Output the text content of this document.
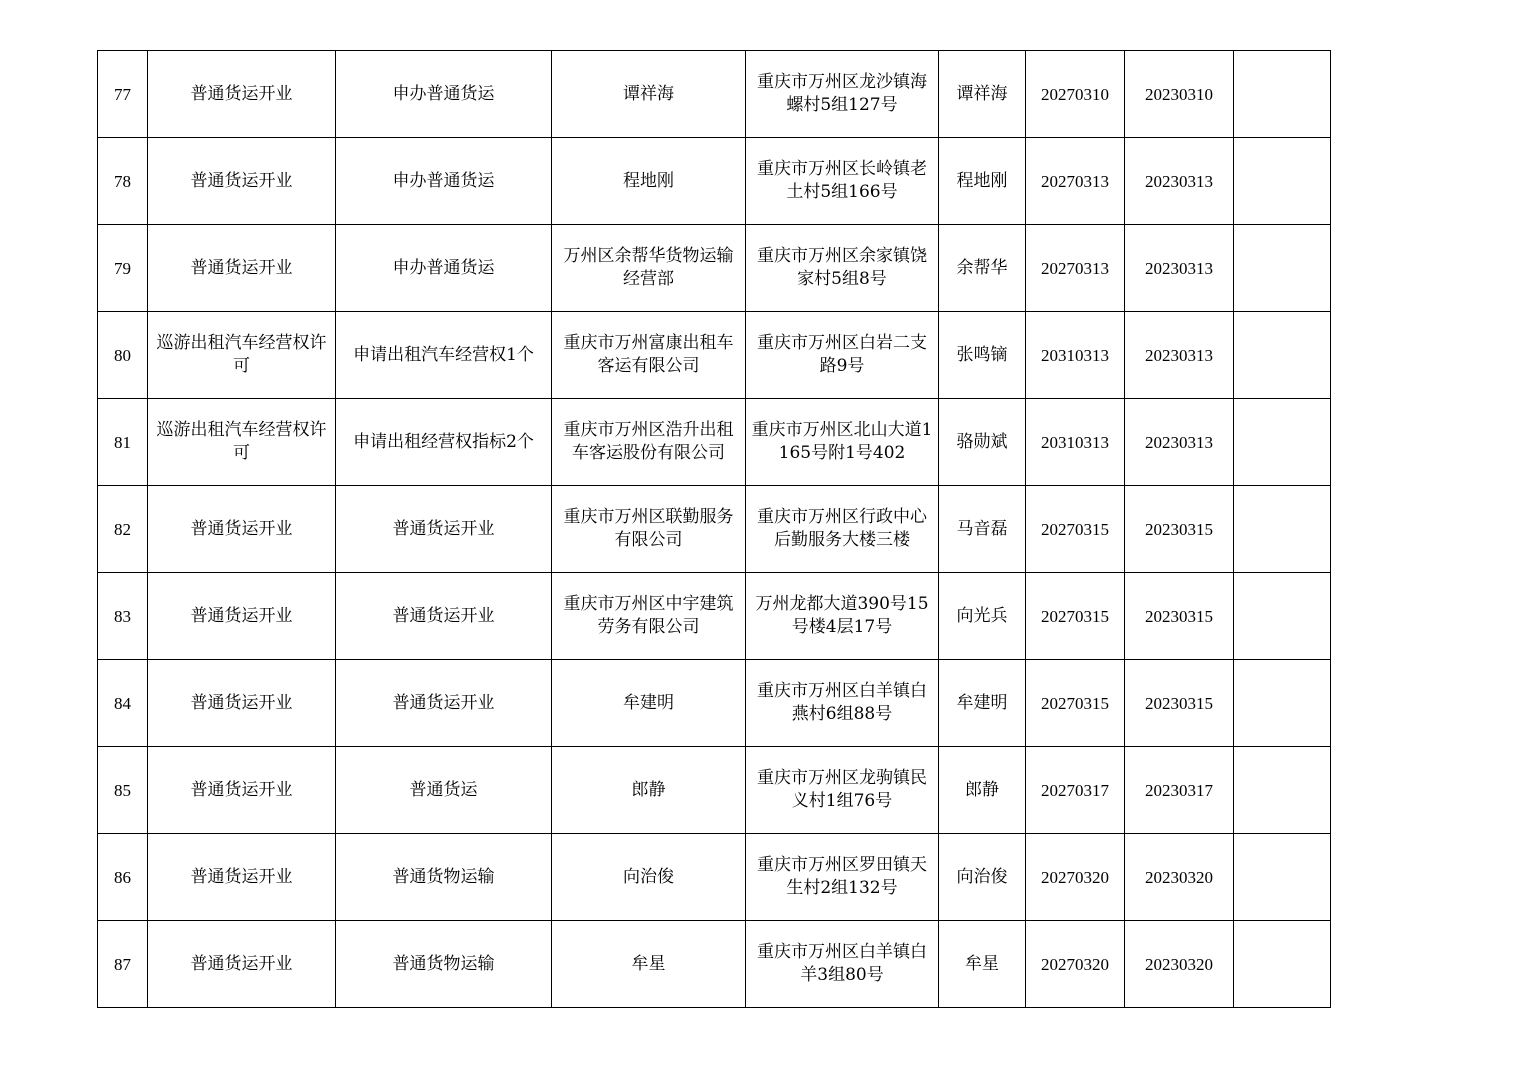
77	普通货运开业	申办普通货运	谭祥海	重庆市万州区龙沙镇海螺村5组127号	谭祥海	20270310	20230310	
78	普通货运开业	申办普通货运	程地刚	重庆市万州区长岭镇老土村5组166号	程地刚	20270313	20230313	
79	普通货运开业	申办普通货运	万州区余帮华货物运输经营部	重庆市万州区余家镇饶家村5组8号	余帮华	20270313	20230313	
80	巡游出租汽车经营权许可	申请出租汽车经营权1个	重庆市万州富康出租车客运有限公司	重庆市万州区白岩二支路9号	张鸣镝	20310313	20230313	
81	巡游出租汽车经营权许可	申请出租经营权指标2个	重庆市万州区浩升出租车客运股份有限公司	重庆市万州区北山大道1165号附1号402	骆勋斌	20310313	20230313	
82	普通货运开业	普通货运开业	重庆市万州区联勤服务有限公司	重庆市万州区行政中心后勤服务大楼三楼	马音磊	20270315	20230315	
83	普通货运开业	普通货运开业	重庆市万州区中宇建筑劳务有限公司	万州龙都大道390号15号楼4层17号	向光兵	20270315	20230315	
84	普通货运开业	普通货运开业	牟建明	重庆市万州区白羊镇白燕村6组88号	牟建明	20270315	20230315	
85	普通货运开业	普通货运	郎静	重庆市万州区龙驹镇民义村1组76号	郎静	20270317	20230317	
86	普通货运开业	普通货物运输	向治俊	重庆市万州区罗田镇天生村2组132号	向治俊	20270320	20230320	
87	普通货运开业	普通货物运输	牟星	重庆市万州区白羊镇白羊3组80号	牟星	20270320	20230320	
